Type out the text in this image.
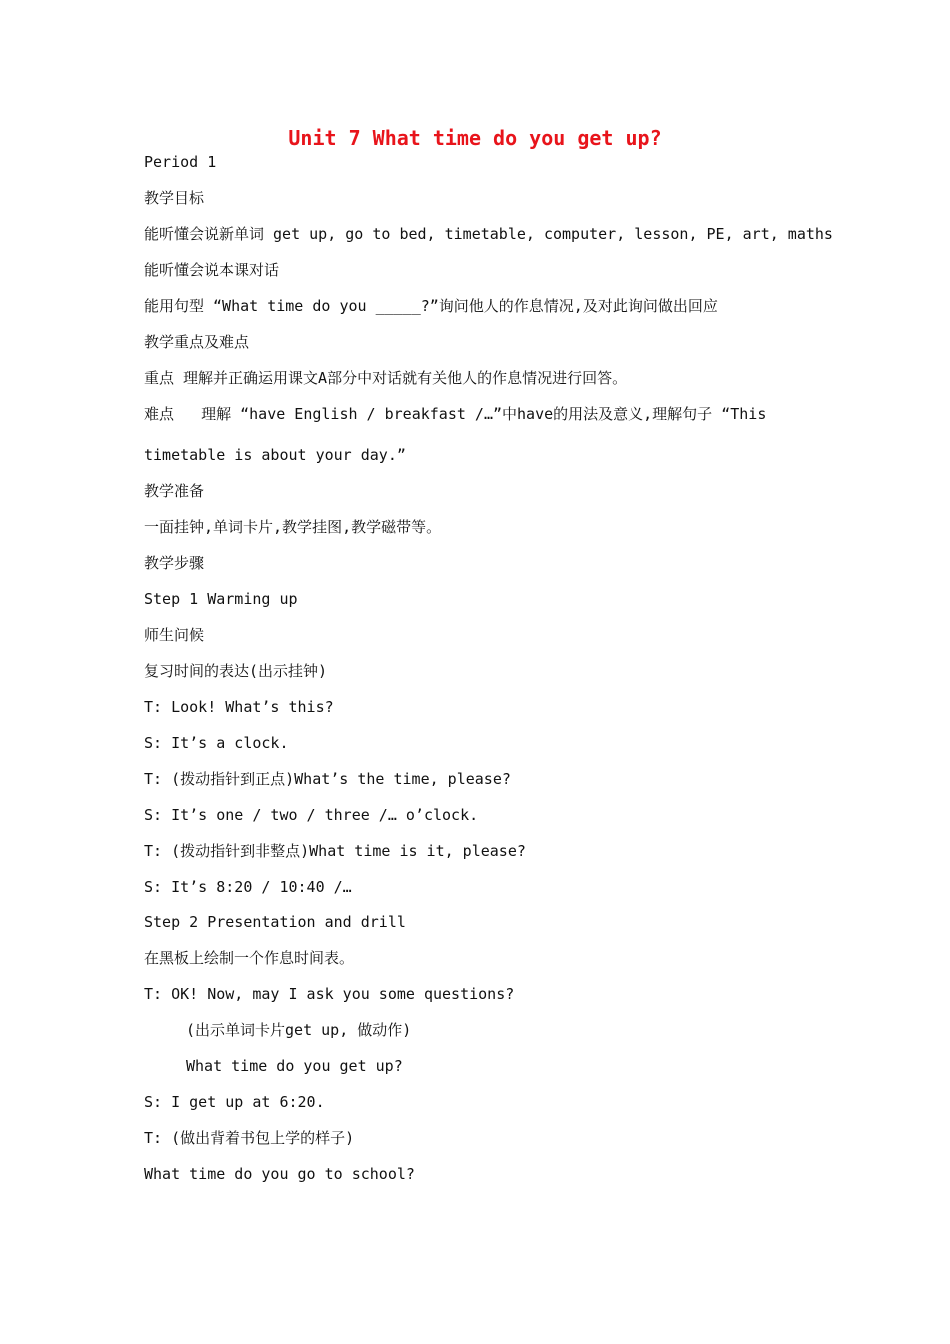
Unit 7 What time do you get up?
Period 1
教学目标
能听懂会说新单词 get up, go to bed, timetable, computer, lesson, PE, art, maths
能听懂会说本课对话
能用句型 “What time do you _____?”询问他人的作息情况,及对此询问做出回应
教学重点及难点
重点 理解并正确运用课文A部分中对话就有关他人的作息情况进行回答。
难点   理解 “have English / breakfast /…”中have的用法及意义,理解句子 “This
timetable is about your day.”
教学准备
一面挂钟,单词卡片,教学挂图,教学磁带等。
教学步骤
Step 1 Warming up
师生问候
复习时间的表达(出示挂钟)
T: Look! What’s this?
S: It’s a clock.
T: (拨动指针到正点)What’s the time, please?
S: It’s one / two / three /… o’clock.
T: (拨动指针到非整点)What time is it, please?
S: It’s 8:20 / 10:40 /…
Step 2 Presentation and drill
在黑板上绘制一个作息时间表。
T: OK! Now, may I ask you some questions?
(出示单词卡片get up, 做动作)
What time do you get up?
S: I get up at 6:20.
T: (做出背着书包上学的样子)
What time do you go to school?
